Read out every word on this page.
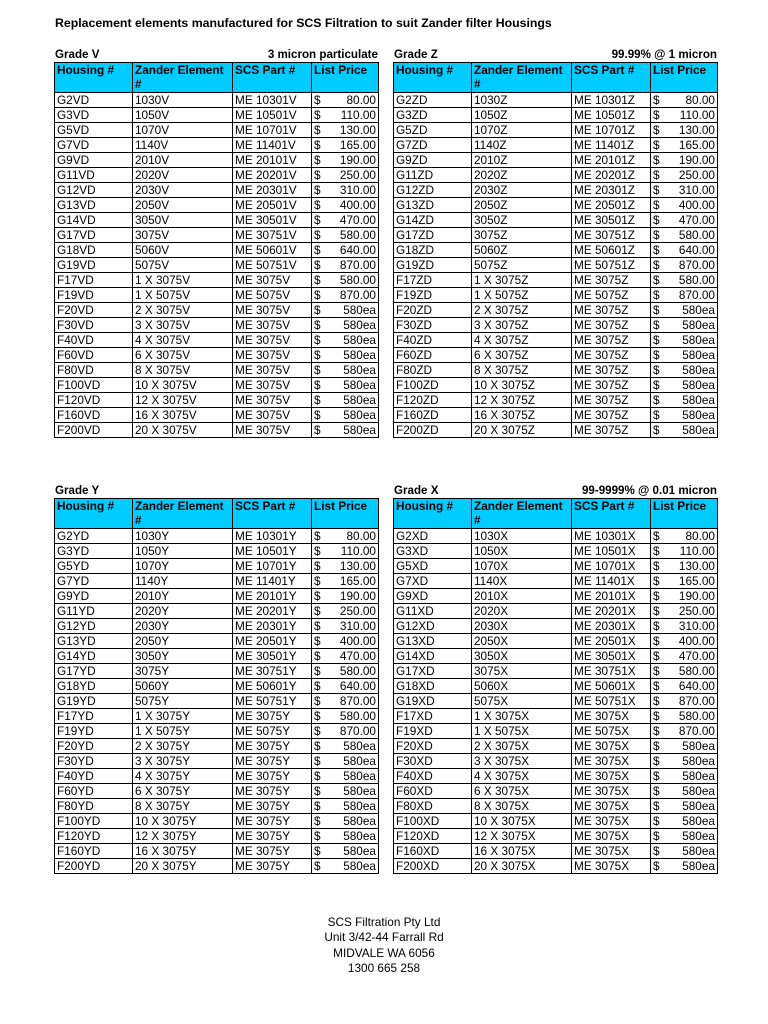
Replacement elements manufactured for SCS Filtration to suit Zander filter Housings
Grade V	3 micron particulate
Housing #	Zander Element #	SCS Part #	List Price
G2VD	1030V	ME 10301V	$ 80.00

G3VD	1050V	ME 10501V	$ 110.00

G5VD	1070V	ME 10701V	$ 130.00

G7VD	1140V	ME 11401V	$ 165.00

G9VD	2010V	ME 20101V	$ 190.00

G11VD	2020V	ME 20201V	$ 250.00

G12VD	2030V	ME 20301V	$ 310.00

G13VD	2050V	ME 20501V	$ 400.00

G14VD	3050V	ME 30501V	$ 470.00

G17VD	3075V	ME 30751V	$ 580.00

G18VD	5060V	ME 50601V	$ 640.00

G19VD	5075V	ME 50751V	$ 870.00

F17VD	1 X 3075V	ME 3075V	$ 580.00

F19VD	1 X 5075V	ME 5075V	$ 870.00

F20VD	2 X 3075V	ME 3075V	$ 580ea

F30VD	3 X 3075V	ME 3075V	$ 580ea

F40VD	4 X 3075V	ME 3075V	$ 580ea

F60VD	6 X 3075V	ME 3075V	$ 580ea

F80VD	8 X 3075V	ME 3075V	$ 580ea

F100VD	10 X 3075V	ME 3075V	$ 580ea

F120VD	12 X 3075V	ME 3075V	$ 580ea

F160VD	16 X 3075V	ME 3075V	$ 580ea

F200VD	20 X 3075V	ME 3075V	$ 580ea
Grade Z	99.99% @ 1 micron
Housing #	Zander Element #	SCS Part #	List Price
G2ZD	1030Z	ME 10301Z	$ 80.00

G3ZD	1050Z	ME 10501Z	$ 110.00

G5ZD	1070Z	ME 10701Z	$ 130.00

G7ZD	1140Z	ME 11401Z	$ 165.00

G9ZD	2010Z	ME 20101Z	$ 190.00

G11ZD	2020Z	ME 20201Z	$ 250.00

G12ZD	2030Z	ME 20301Z	$ 310.00

G13ZD	2050Z	ME 20501Z	$ 400.00

G14ZD	3050Z	ME 30501Z	$ 470.00

G17ZD	3075Z	ME 30751Z	$ 580.00

G18ZD	5060Z	ME 50601Z	$ 640.00

G19ZD	5075Z	ME 50751Z	$ 870.00

F17ZD	1 X 3075Z	ME 3075Z	$ 580.00

F19ZD	1 X 5075Z	ME 5075Z	$ 870.00

F20ZD	2 X 3075Z	ME 3075Z	$ 580ea

F30ZD	3 X 3075Z	ME 3075Z	$ 580ea

F40ZD	4 X 3075Z	ME 3075Z	$ 580ea

F60ZD	6 X 3075Z	ME 3075Z	$ 580ea

F80ZD	8 X 3075Z	ME 3075Z	$ 580ea

F100ZD	10 X 3075Z	ME 3075Z	$ 580ea

F120ZD	12 X 3075Z	ME 3075Z	$ 580ea

F160ZD	16 X 3075Z	ME 3075Z	$ 580ea

F200ZD	20 X 3075Z	ME 3075Z	$ 580ea
Grade Y
Housing #	Zander Element #	SCS Part #	List Price
G2YD	1030Y	ME 10301Y	$ 80.00

G3YD	1050Y	ME 10501Y	$ 110.00

G5YD	1070Y	ME 10701Y	$ 130.00

G7YD	1140Y	ME 11401Y	$ 165.00

G9YD	2010Y	ME 20101Y	$ 190.00

G11YD	2020Y	ME 20201Y	$ 250.00

G12YD	2030Y	ME 20301Y	$ 310.00

G13YD	2050Y	ME 20501Y	$ 400.00

G14YD	3050Y	ME 30501Y	$ 470.00

G17YD	3075Y	ME 30751Y	$ 580.00

G18YD	5060Y	ME 50601Y	$ 640.00

G19YD	5075Y	ME 50751Y	$ 870.00

F17YD	1 X 3075Y	ME 3075Y	$ 580.00

F19YD	1 X 5075Y	ME 5075Y	$ 870.00

F20YD	2 X 3075Y	ME 3075Y	$ 580ea

F30YD	3 X 3075Y	ME 3075Y	$ 580ea

F40YD	4 X 3075Y	ME 3075Y	$ 580ea

F60YD	6 X 3075Y	ME 3075Y	$ 580ea

F80YD	8 X 3075Y	ME 3075Y	$ 580ea

F100YD	10 X 3075Y	ME 3075Y	$ 580ea

F120YD	12 X 3075Y	ME 3075Y	$ 580ea

F160YD	16 X 3075Y	ME 3075Y	$ 580ea

F200YD	20 X 3075Y	ME 3075Y	$ 580ea
Grade X	99-9999% @ 0.01 micron
Housing #	Zander Element #	SCS Part #	List Price
G2XD	1030X	ME 10301X	$ 80.00

G3XD	1050X	ME 10501X	$ 110.00

G5XD	1070X	ME 10701X	$ 130.00

G7XD	1140X	ME 11401X	$ 165.00

G9XD	2010X	ME 20101X	$ 190.00

G11XD	2020X	ME 20201X	$ 250.00

G12XD	2030X	ME 20301X	$ 310.00

G13XD	2050X	ME 20501X	$ 400.00

G14XD	3050X	ME 30501X	$ 470.00

G17XD	3075X	ME 30751X	$ 580.00

G18XD	5060X	ME 50601X	$ 640.00

G19XD	5075X	ME 50751X	$ 870.00

F17XD	1 X 3075X	ME 3075X	$ 580.00

F19XD	1 X 5075X	ME 5075X	$ 870.00

F20XD	2 X 3075X	ME 3075X	$ 580ea

F30XD	3 X 3075X	ME 3075X	$ 580ea

F40XD	4 X 3075X	ME 3075X	$ 580ea

F60XD	6 X 3075X	ME 3075X	$ 580ea

F80XD	8 X 3075X	ME 3075X	$ 580ea

F100XD	10 X 3075X	ME 3075X	$ 580ea

F120XD	12 X 3075X	ME 3075X	$ 580ea

F160XD	16 X 3075X	ME 3075X	$ 580ea

F200XD	20 X 3075X	ME 3075X	$ 580ea
SCS Filtration Pty Ltd
Unit 3/42-44 Farrall Rd
MIDVALE WA 6056
1300 665 258
